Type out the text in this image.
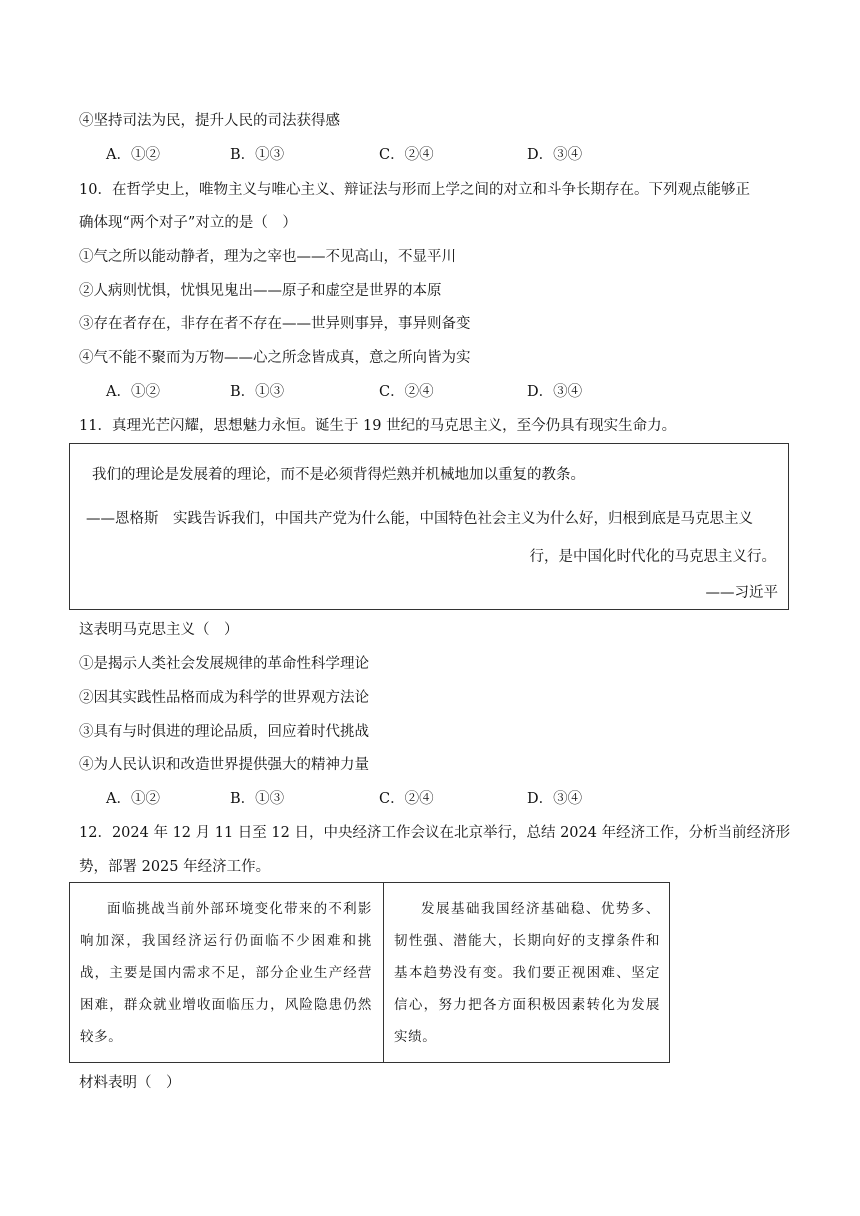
④坚持司法为民，提升人民的司法获得感
A．①②	B．①③	C．②④	D．③④
10．在哲学史上，唯物主义与唯心主义、辩证法与形而上学之间的对立和斗争长期存在。下列观点能够正
确体现“两个对子”对立的是（　）
①气之所以能动静者，理为之宰也——不见高山，不显平川
②人病则忧惧，忧惧见鬼出——原子和虚空是世界的本原
③存在者存在，非存在者不存在——世异则事异，事异则备变
④气不能不聚而为万物——心之所念皆成真，意之所向皆为实
A．①②	B．①③	C．②④	D．③④
11．真理光芒闪耀，思想魅力永恒。诞生于 19 世纪的马克思主义，至今仍具有现实生命力。
我们的理论是发展着的理论，而不是必须背得烂熟并机械地加以重复的教条。
——恩格斯　实践告诉我们，中国共产党为什么能，中国特色社会主义为什么好，归根到底是马克思主义
行，是中国化时代化的马克思主义行。
——习近平
这表明马克思主义（　）
①是揭示人类社会发展规律的革命性科学理论
②因其实践性品格而成为科学的世界观方法论
③具有与时俱进的理论品质，回应着时代挑战
④为人民认识和改造世界提供强大的精神力量
A．①②	B．①③	C．②④	D．③④
12．2024 年 12 月 11 日至 12 日，中央经济工作会议在北京举行，总结 2024 年经济工作，分析当前经济形
势，部署 2025 年经济工作。
面临挑战当前外部环境变化带来的不利影响加深，我国经济运行仍面临不少困难和挑战，主要是国内需求不足，部分企业生产经营困难，群众就业增收面临压力，风险隐患仍然较多。
发展基础我国经济基础稳、优势多、韧性强、潜能大，长期向好的支撑条件和基本趋势没有变。我们要正视困难、坚定信心，努力把各方面积极因素转化为发展实绩。
材料表明（　）
